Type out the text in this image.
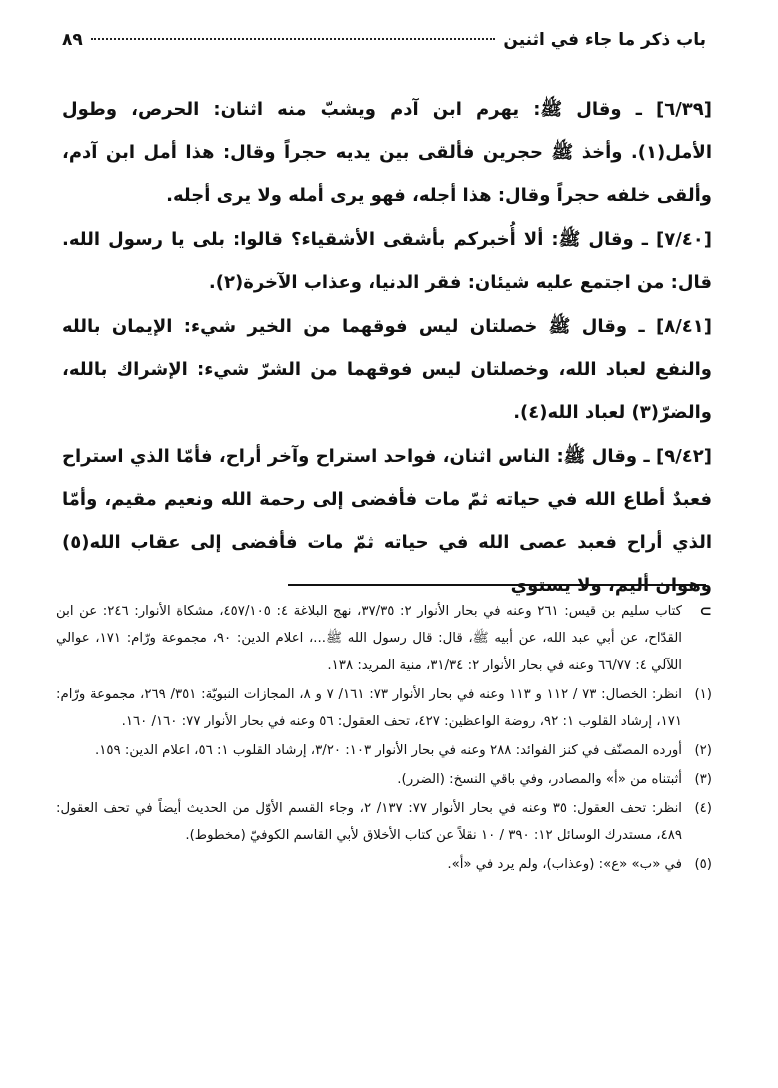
باب ذكر ما جاء في اثنين
٨٩

[٦/٣٩] ـ وقال ﷺ: يهرم ابن آدم ويشبّ منه اثنان: الحرص، وطول الأمل(١). وأخذ ﷺ حجرين فألقى بين يديه حجراً وقال: هذا أمل ابن آدم، وألقى خلفه حجراً وقال: هذا أجله، فهو يرى أمله ولا يرى أجله.

[٧/٤٠] ـ وقال ﷺ: ألا أُخبركم بأشقى الأشقياء؟ قالوا: بلى يا رسول الله. قال: من اجتمع عليه شيئان: فقر الدنيا، وعذاب الآخرة(٢).

[٨/٤١] ـ وقال ﷺ خصلتان ليس فوقهما من الخير شيء: الإيمان بالله والنفع لعباد الله، وخصلتان ليس فوقهما من الشرّ شيء: الإشراك بالله، والضرّ(٣) لعباد الله(٤).

[٩/٤٢] ـ وقال ﷺ: الناس اثنان، فواحد استراح وآخر أراح، فأمّا الذي استراح فعبدٌ أطاع الله في حياته ثمّ مات فأفضى إلى رحمة الله ونعيم مقيم، وأمّا الذي أراح فعبد عصى الله في حياته ثمّ مات فأفضى إلى عقاب الله(٥) وهوان أليم، ولا يستوي

⊃

كتاب سليم بن قيس: ٢٦١ وعنه في بحار الأنوار ٢: ٣٧/٣٥، نهج البلاغة ٤: ٤٥٧/١٠٥، مشكاة الأنوار: ٢٤٦: عن ابن القدّاح، عن أبي عبد الله، عن أبيه ﷺ، قال: قال رسول الله ﷺ...، اعلام الدين: ٩٠، مجموعة ورّام: ١٧١، عوالي اللآلي ٤: ٦٦/٧٧ وعنه في بحار الأنوار ٢: ٣١/٣٤، منية المريد: ١٣٨.

(١)

انظر: الخصال: ٧٣ / ١١٢ و ١١٣ وعنه في بحار الأنوار ٧٣: ١٦١/ ٧ و ٨، المجازات النبويّة: ٣٥١/ ٢٦٩، مجموعة ورّام: ١٧١، إرشاد القلوب ١: ٩٢، روضة الواعظين: ٤٢٧، تحف العقول: ٥٦ وعنه في بحار الأنوار ٧٧: ١٦٠/ ١٦٠.

(٢)

أورده المصنّف في كنز الفوائد: ٢٨٨ وعنه في بحار الأنوار ١٠٣: ٣/٢٠، إرشاد القلوب ١: ٥٦، اعلام الدين: ١٥٩.

(٣)

أثبتناه من «أ» والمصادر، وفي باقي النسخ: (الضرر).

(٤)

انظر: تحف العقول: ٣٥ وعنه في بحار الأنوار ٧٧: ١٣٧/ ٢، وجاء القسم الأوّل من الحديث أيضاً في تحف العقول: ٤٨٩، مستدرك الوسائل ١٢: ٣٩٠ / ١٠ نقلاً عن كتاب الأخلاق لأبي القاسم الكوفيّ (مخطوط).

(٥)

في «ب» «ع»: (وعذاب)، ولم يرد في «أ».
